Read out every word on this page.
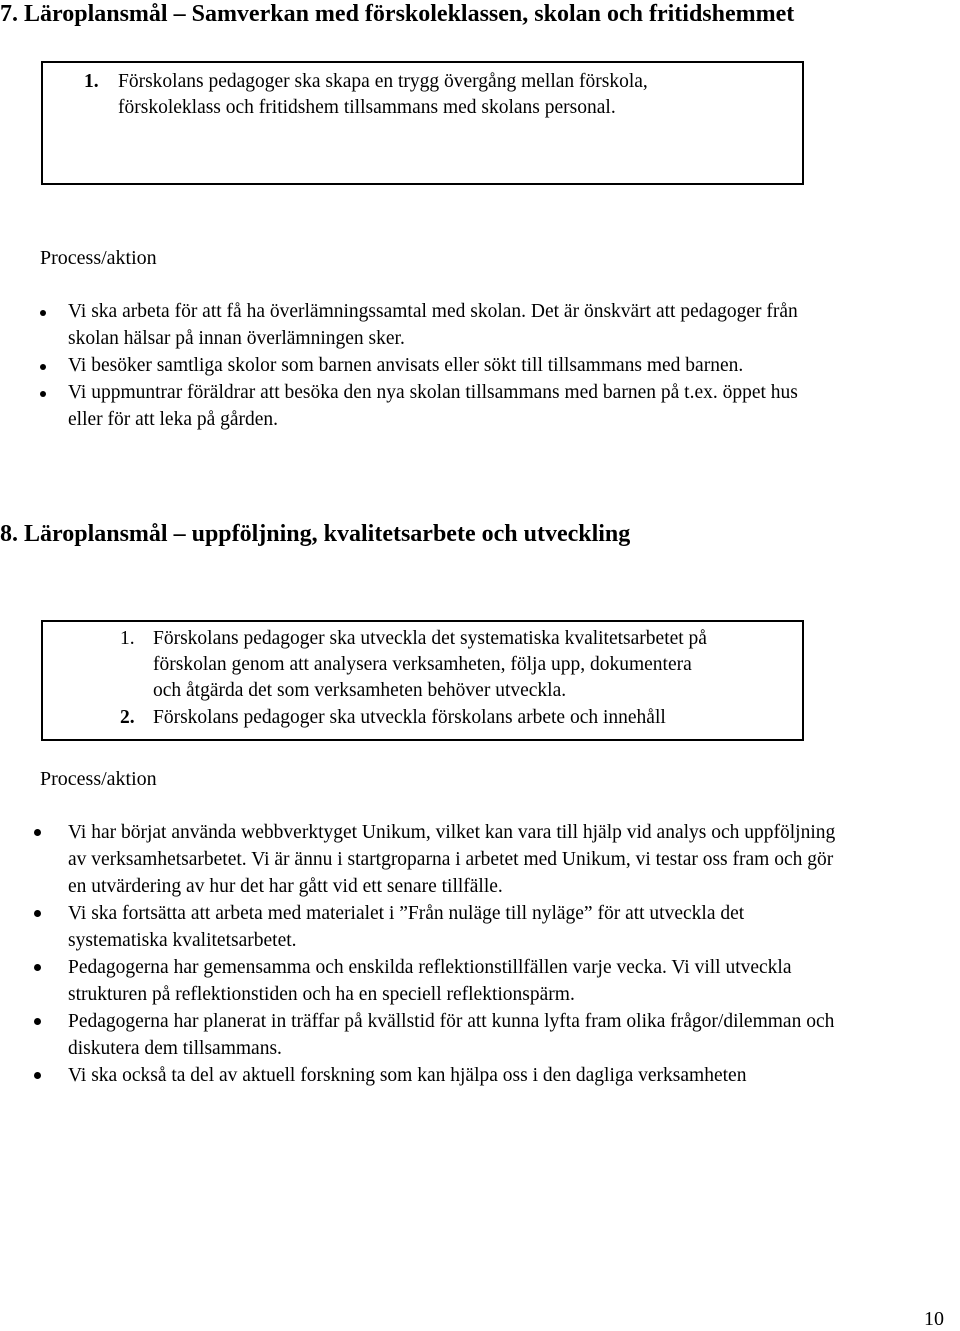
7. Läroplansmål – Samverkan med förskoleklassen, skolan och fritidshemmet
1. Förskolans pedagoger ska skapa en trygg övergång mellan förskola,
förskoleklass och fritidshem tillsammans med skolans personal.
Process/aktion
Vi ska arbeta för att få ha överlämningssamtal med skolan. Det är önskvärt att pedagoger från
skolan hälsar på innan överlämningen sker.
Vi besöker samtliga skolor som barnen anvisats eller sökt till tillsammans med barnen.
Vi uppmuntrar föräldrar att besöka den nya skolan tillsammans med barnen på t.ex. öppet hus
eller för att leka på gården.
8. Läroplansmål – uppföljning, kvalitetsarbete och utveckling
1. Förskolans pedagoger ska utveckla det systematiska kvalitetsarbetet på
förskolan genom att analysera verksamheten, följa upp, dokumentera
och åtgärda det som verksamheten behöver utveckla.
2. Förskolans pedagoger ska utveckla förskolans arbete och innehåll
Process/aktion
Vi har börjat använda webbverktyget Unikum, vilket kan vara till hjälp vid analys och uppföljning
av verksamhetsarbetet. Vi är ännu i startgroparna i arbetet med Unikum, vi testar oss fram och gör
en utvärdering av hur det har gått vid ett senare tillfälle.
Vi ska fortsätta att arbeta med materialet i ”Från nuläge till nyläge” för att utveckla det
systematiska kvalitetsarbetet.
Pedagogerna har gemensamma och enskilda reflektionstillfällen varje vecka. Vi vill utveckla
strukturen på reflektionstiden och ha en speciell reflektionspärm.
Pedagogerna har planerat in träffar på kvällstid för att kunna lyfta fram olika frågor/dilemman och
diskutera dem tillsammans.
Vi ska också ta del av aktuell forskning som kan hjälpa oss i den dagliga verksamheten
10
